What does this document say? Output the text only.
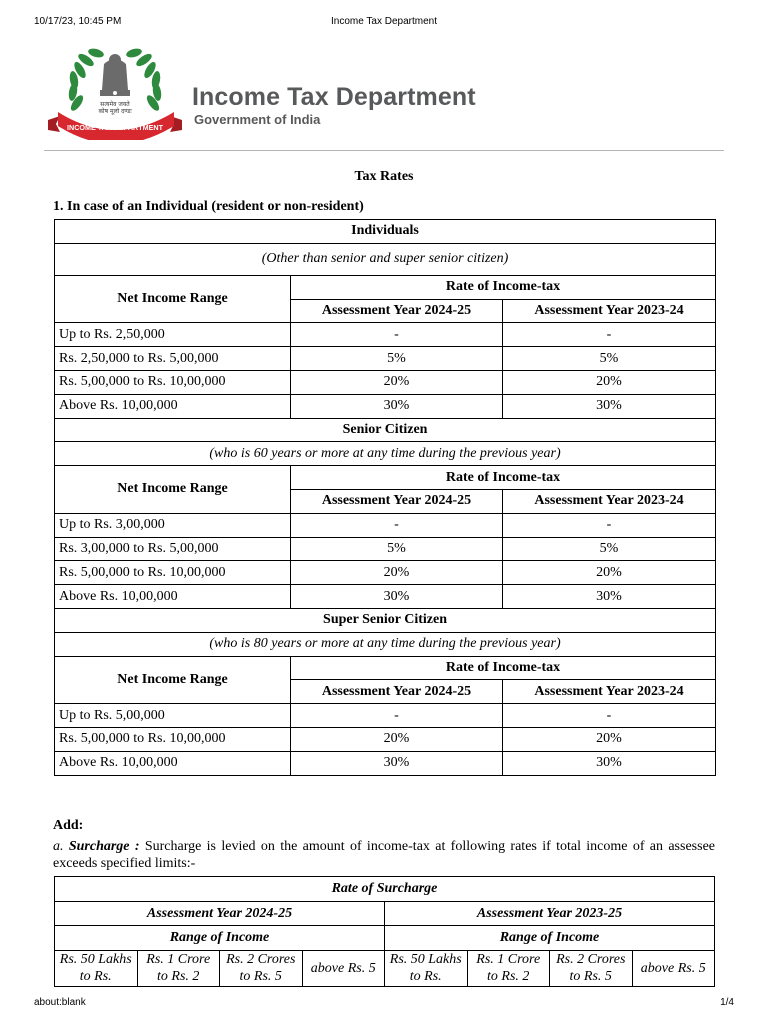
10/17/23, 10:45 PM	Income Tax Department
सत्यमेव जयते
कोष मूलो दण्डः
INCOME TAX DEPARTMENT
Income Tax Department
Government of India
Tax Rates
1. In case of an Individual (resident or non-resident)
Individuals		
(Other than senior and super senior citizen)		
Net Income Range	Rate of Income-tax	
	Assessment Year 2024-25	Assessment Year 2023-24
Up to Rs. 2,50,000	-	-
Rs. 2,50,000 to Rs. 5,00,000	5%	5%
Rs. 5,00,000 to Rs. 10,00,000	20%	20%
Above Rs. 10,00,000	30%	30%
Senior Citizen		
(who is 60 years or more at any time during the previous year)		
Net Income Range	Rate of Income-tax	
	Assessment Year 2024-25	Assessment Year 2023-24
Up to Rs. 3,00,000	-	-
Rs. 3,00,000 to Rs. 5,00,000	5%	5%
Rs. 5,00,000 to Rs. 10,00,000	20%	20%
Above Rs. 10,00,000	30%	30%
Super Senior Citizen		
(who is 80 years or more at any time during the previous year)		
Net Income Range	Rate of Income-tax	
	Assessment Year 2024-25	Assessment Year 2023-24
Up to Rs. 5,00,000	-	-
Rs. 5,00,000 to Rs. 10,00,000	20%	20%
Above Rs. 10,00,000	30%	30%
Add:
a. Surcharge : Surcharge is levied on the amount of income-tax at following rates if total income of an assessee exceeds specified limits:-
Rate of Surcharge							
Assessment Year 2024-25				Assessment Year 2023-25			
Range of Income				Range of Income			
Rs. 50 Lakhs to Rs.	Rs. 1 Crore to Rs. 2	Rs. 2 Crores to Rs. 5	above Rs. 5	Rs. 50 Lakhs to Rs.	Rs. 1 Crore to Rs. 2	Rs. 2 Crores to Rs. 5	above Rs. 5
about:blank	1/4
